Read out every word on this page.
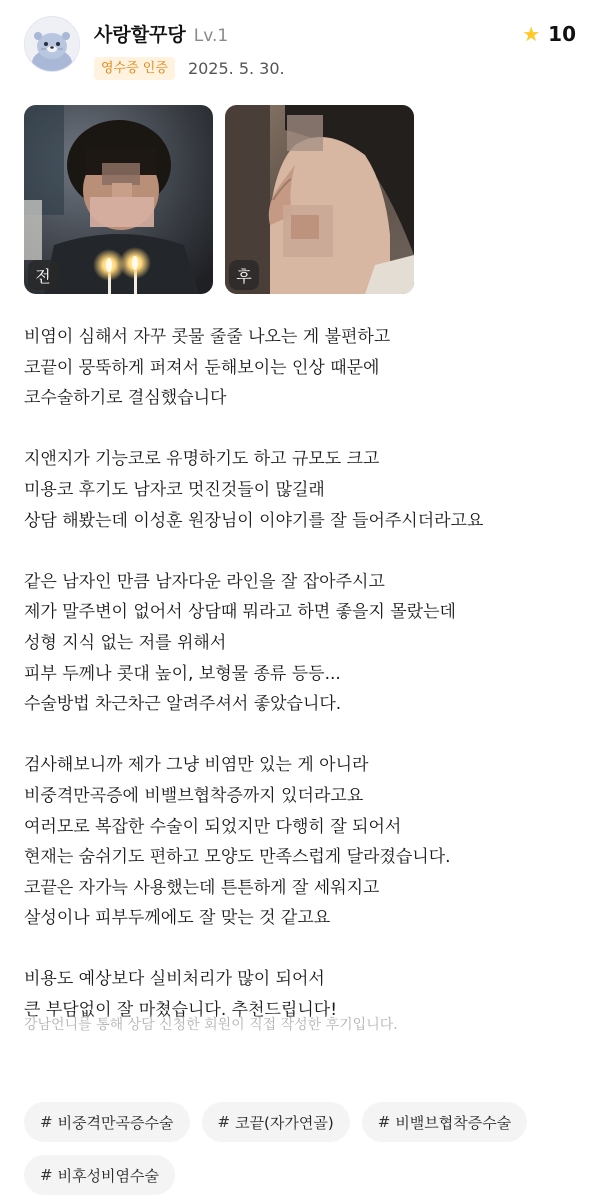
사랑할꾸당 Lv.1
영수증 인증	2025. 5. 30.
★ 10
전	후

비염이 심해서 자꾸 콧물 줄줄 나오는 게 불편하고

코끝이 뭉뚝하게 퍼져서 둔해보이는 인상 때문에

코수술하기로 결심했습니다

지앤지가 기능코로 유명하기도 하고 규모도 크고

미용코 후기도 남자코 멋진것들이 많길래

상담 해봤는데 이성훈 원장님이 이야기를 잘 들어주시더라고요

같은 남자인 만큼 남자다운 라인을 잘 잡아주시고

제가 말주변이 없어서 상담때 뭐라고 하면 좋을지 몰랐는데

성형 지식 없는 저를 위해서

피부 두께나 콧대 높이, 보형물 종류 등등...

수술방법 차근차근 알려주셔서 좋았습니다.

검사해보니까 제가 그냥 비염만 있는 게 아니라

비중격만곡증에 비밸브협착증까지 있더라고요

여러모로 복잡한 수술이 되었지만 다행히 잘 되어서

현재는 숨쉬기도 편하고 모양도 만족스럽게 달라졌습니다.

코끝은 자가늑 사용했는데 튼튼하게 잘 세워지고

살성이나 피부두께에도 잘 맞는 것 같고요

비용도 예상보다 실비처리가 많이 되어서

큰 부담없이 잘 마쳤습니다. 추천드립니다!

강남언니를 통해 상담 신청한 회원이 직접 작성한 후기입니다.
# 비중격만곡증수술	# 코끝(자가연골)	# 비밸브협착증수술
# 비후성비염수술
